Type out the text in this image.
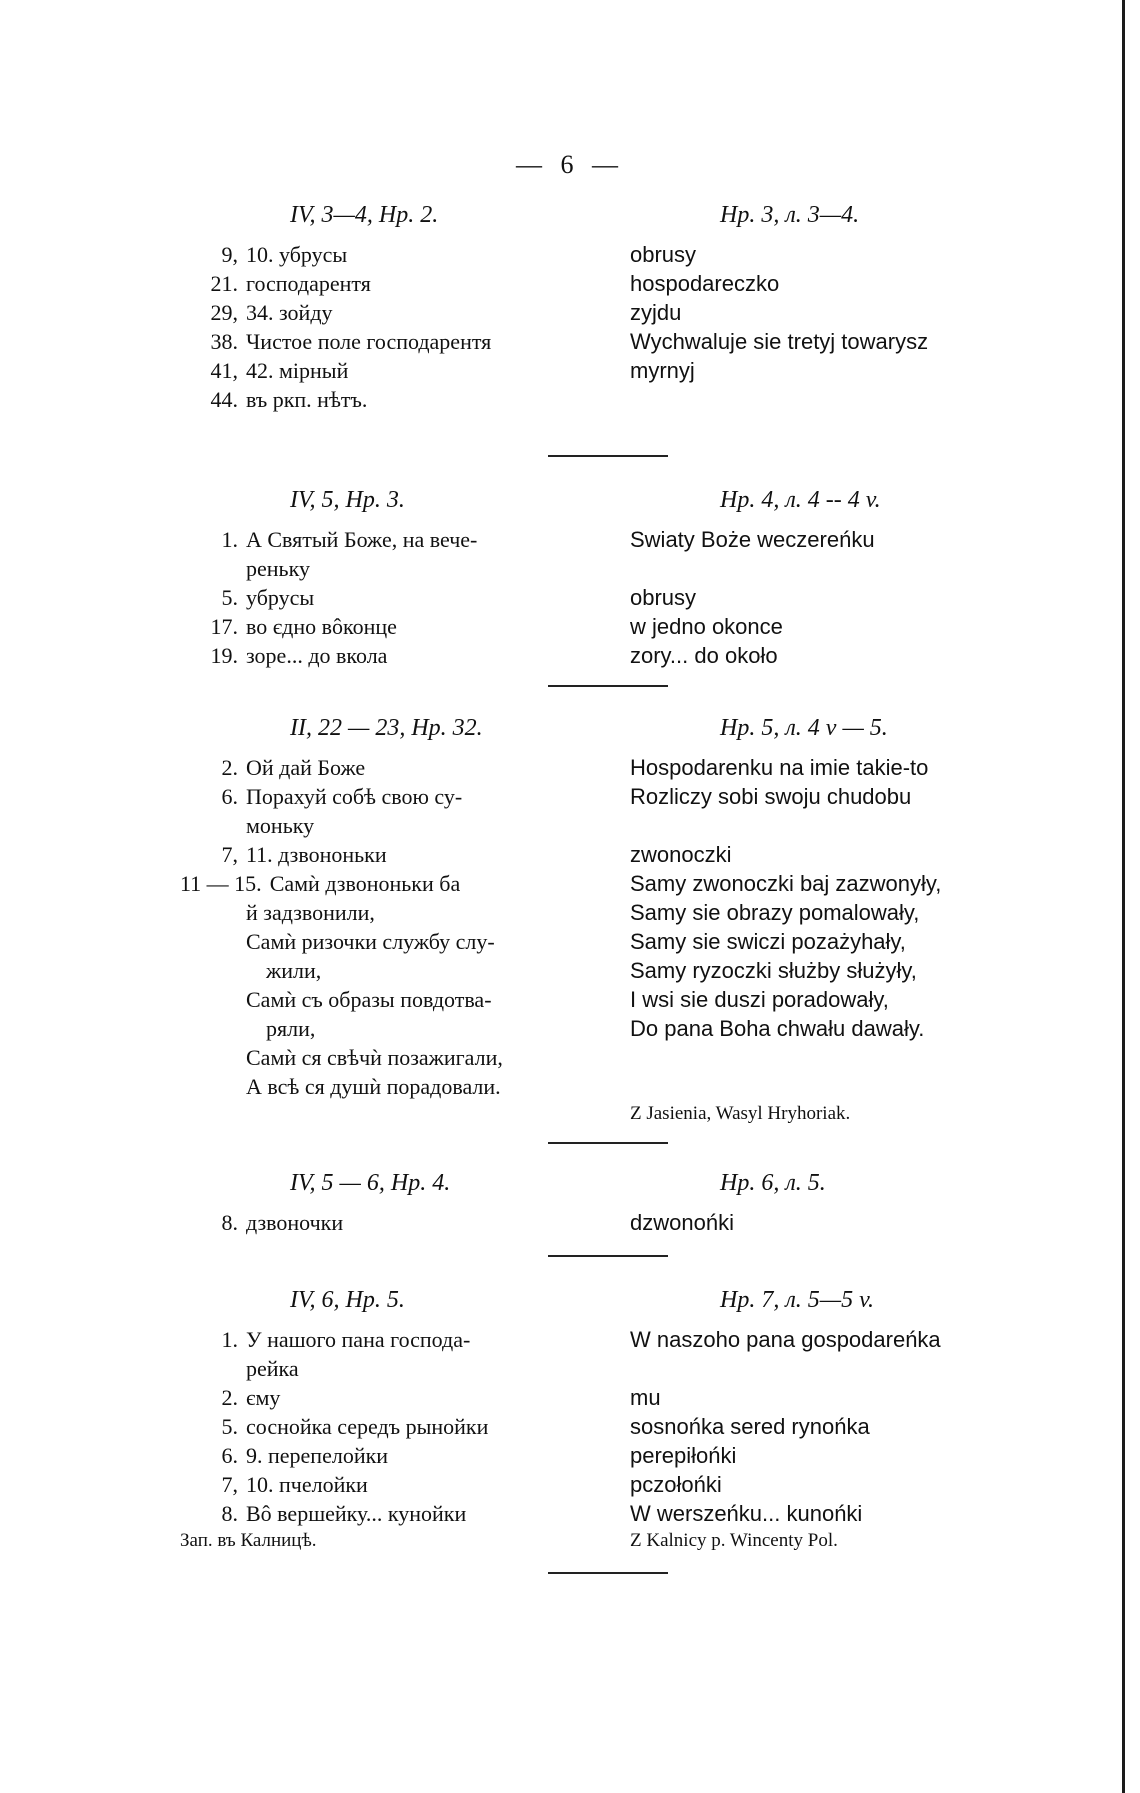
— 6 —
IV, 3—4, Hp. 2.
9, 10. убрусы
21. господарентя
29, 34. зойду
38. Чистое поле господарентя
41, 42. мірный
44. въ ркп. нѣтъ.
Hp. 3, л. 3—4.
obrusy
hospodareczko
zyjdu
Wychwaluje sie tretyj towarysz
myrnyj
IV, 5, Hp. 3.
1. А Святый Боже, на вече-
реньку
5. убрусы
17. во єдно вôконце
19. зоре... до вкола
Hp. 4, л. 4 -- 4 v.
Swiaty Boże weczereńku
obrusy
w jedno okonce
zory... do około
II, 22 — 23, Hp. 32.
2. Ой дай Боже
6. Порахуй собѣ свою су-
моньку
7, 11. дзвононьки
11 — 15. Самѝ дзвононьки ба
й задзвонили,
Самѝ ризочки службу слу-
жили,
Самѝ съ образы повдотва-
ряли,
Самѝ ся свѣчѝ позажигали,
А всѣ ся душѝ порадовали.
Hp. 5, л. 4 v — 5.
Hospodarenku na imie takie-to
Rozliczy sobi swoju chudobu
zwonoczki
Samy zwonoczki baj zazwonyły,
Samy sie obrazy pomalowały,
Samy sie swiczi pozażyhały,
Samy ryzoczki służby służyły,
I wsi sie duszi poradowały,
Do pana Boha chwału dawały.
Z Jasienia, Wasyl Hryhoriak.
IV, 5 — 6, Hp. 4.
8. дзвоночки
Hp. 6, л. 5.
dzwonońki
IV, 6, Hp. 5.
1. У нашого пана господа-
рейка
2. єму
5. соснойка середъ рынойки
6. 9. перепелойки
7, 10. пчелойки
8. Вô вершейку... кунойки
Зап. въ Калницѣ.
Hp. 7, л. 5—5 v.
W naszoho pana gospodareńka
mu
sosnońka sered rynońka
perepiłońki
pczołońki
W werszeńku... kunońki
Z Kalnicy p. Wincenty Pol.
